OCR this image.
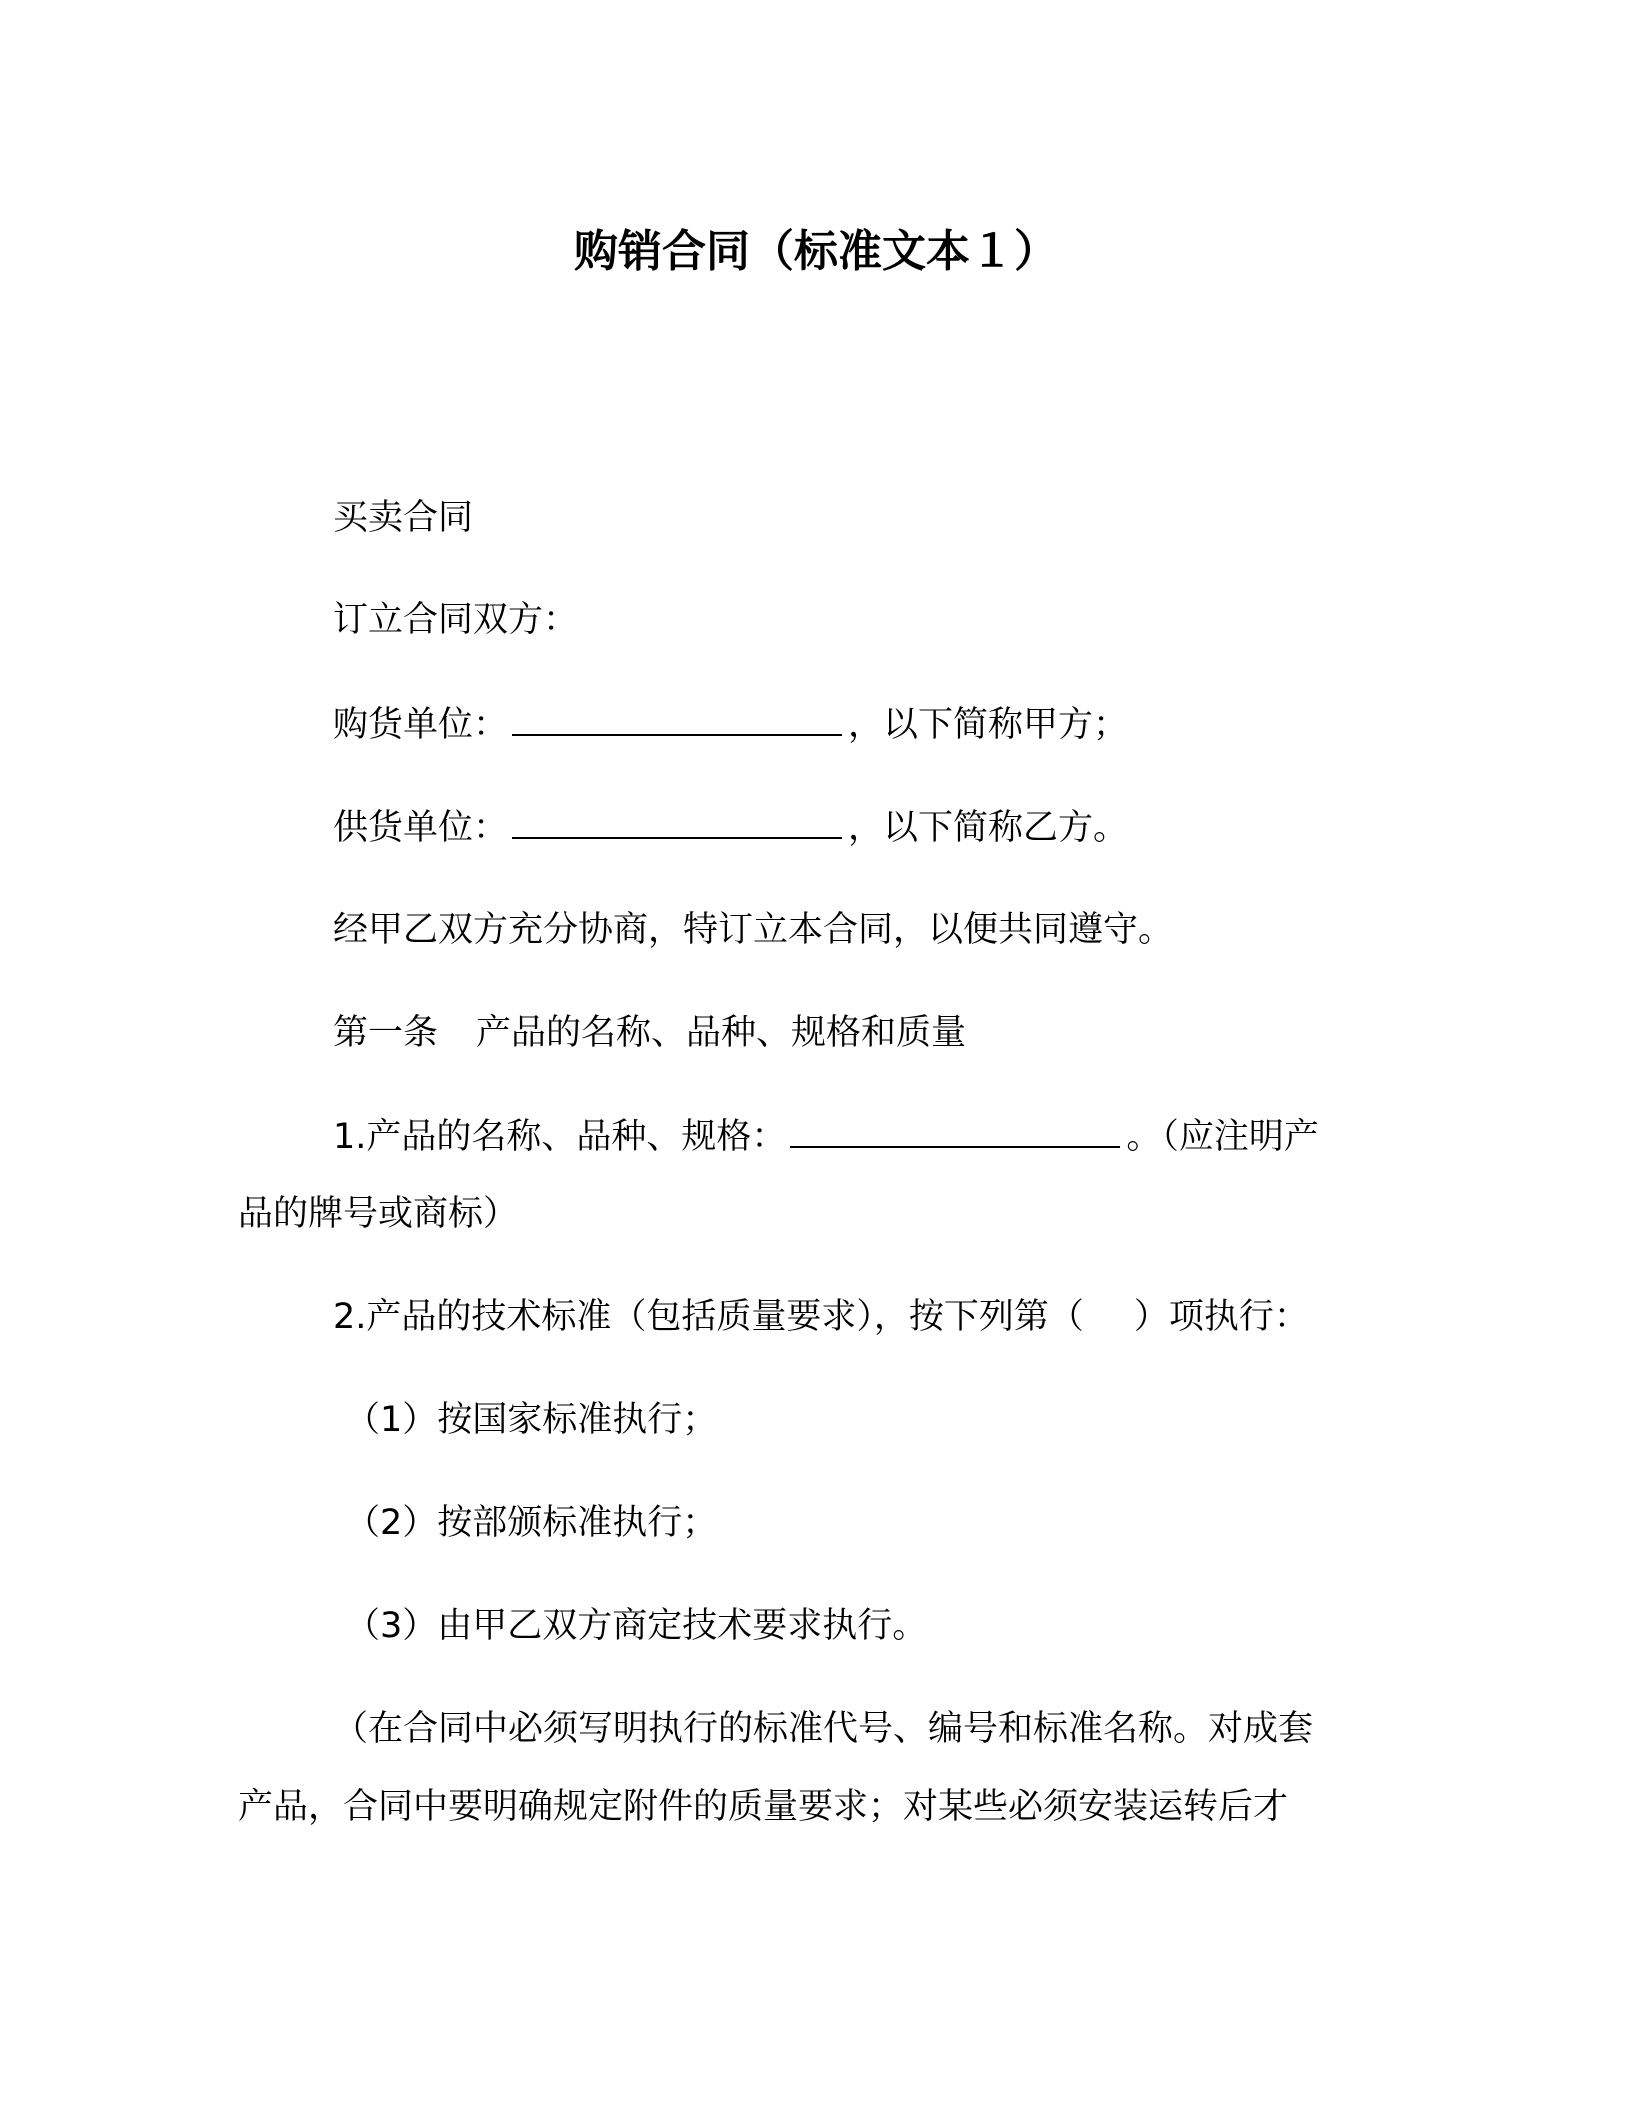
购销合同（标准文本１）
买卖合同
订立合同双方：
购货单位：	，以下简称甲方；
供货单位：	，以下简称乙方。
经甲乙双方充分协商，特订立本合同，以便共同遵守。
第一条 产品的名称、品种、规格和质量
1.产品的名称、品种、规格：	。（应注明产
品的牌号或商标）
2.产品的技术标准（包括质量要求），按下列第（ ）项执行：
（1）按国家标准执行；
（2）按部颁标准执行；
（3）由甲乙双方商定技术要求执行。
（在合同中必须写明执行的标准代号、编号和标准名称。对成套
产品，合同中要明确规定附件的质量要求；对某些必须安装运转后才
